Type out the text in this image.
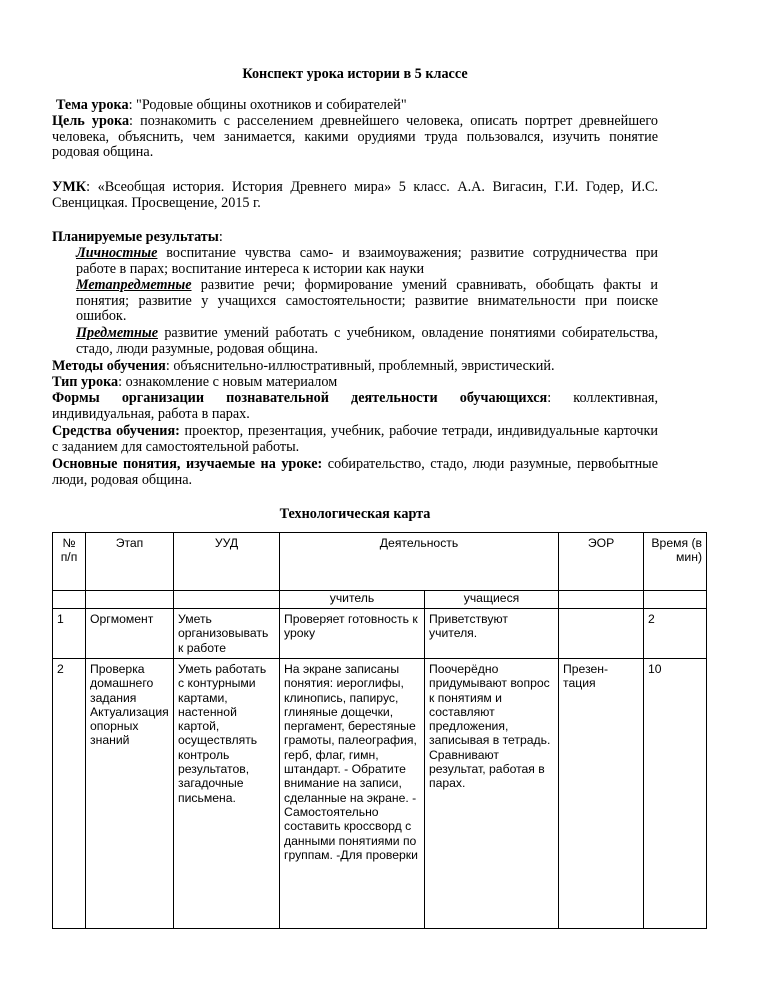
Конспект урока истории в 5 классе
Тема урока: "Родовые общины охотников и собирателей"
Цель урока: познакомить с расселением древнейшего человека, описать портрет древнейшего человека, объяснить, чем занимается, какими орудиями труда пользовался, изучить понятие родовая община.
УМК: «Всеобщая история. История Древнего мира» 5 класс. А.А. Вигасин, Г.И. Годер, И.С. Свенцицкая. Просвещение, 2015 г.
Планируемые результаты:
Личностные воспитание чувства само- и взаимоуважения; развитие сотрудничества при работе в парах; воспитание интереса к истории как науки
Метапредметные развитие речи; формирование умений сравнивать, обобщать факты и понятия; развитие у учащихся самостоятельности; развитие внимательности при поиске ошибок.
Предметные развитие умений работать с учебником, овладение понятиями собирательства, стадо, люди разумные, родовая община.
Методы обучения: объяснительно-иллюстративный, проблемный, эвристический.
Тип урока: ознакомление с новым материалом
Формы организации познавательной деятельности обучающихся: коллективная, индивидуальная, работа в парах.
Средства обучения: проектор, презентация, учебник, рабочие тетради, индивидуальные карточки с заданием для самостоятельной работы.
Основные понятия, изучаемые на уроке: собирательство, стадо, люди разумные, первобытные люди, родовая община.
Технологическая карта
№ п/п	Этап	УУД	Деятельность		ЭОР	Время (в мин)
			учитель	учащиеся		
1	Оргмомент	Уметь организовывать к работе	Проверяет готовность к уроку	Приветствуют учителя.		2
2	Проверка домашнего задания Актуализация опорных знаний	Уметь работать с контурными картами, настенной картой, осуществлять контроль результатов, загадочные письмена.	На экране записаны понятия: иероглифы, клинопись, папирус, глиняные дощечки, пергамент, берестяные грамоты, палеография, герб, флаг, гимн, штандарт. - Обратите внимание на записи, сделанные на экране. - Самостоятельно составить кроссворд с данными понятиями по группам. -Для проверки	Поочерёдно придумывают вопрос к понятиям и составляют предложения, записывая в тетрадь. Сравнивают результат, работая в парах.	Презен-тация	10
